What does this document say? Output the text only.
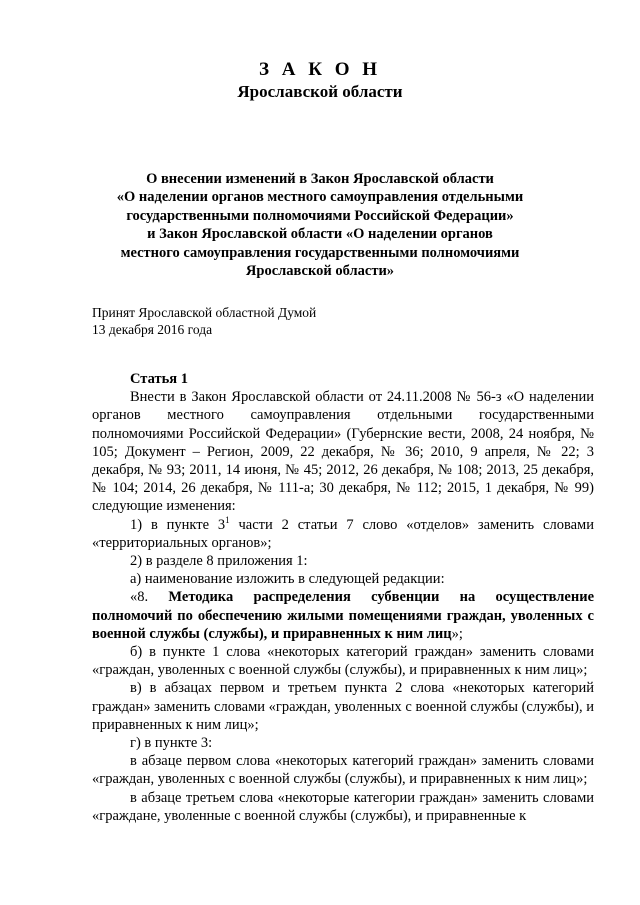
З А К О Н
Ярославской области
О внесении изменений в Закон Ярославской области
«О наделении органов местного самоуправления отдельными
государственными полномочиями Российской Федерации»
и Закон Ярославской области «О наделении органов
местного самоуправления государственными полномочиями
Ярославской области»
Принят Ярославской областной Думой
13 декабря 2016 года

Статья 1

Внести в Закон Ярославской области от 24.11.2008 № 56-з «О наделении органов местного самоуправления отдельными государственными полномочиями Российской Федерации» (Губернские вести, 2008, 24 ноября, № 105; Документ – Регион, 2009, 22 декабря, № 36; 2010, 9 апреля, № 22; 3 декабря, № 93; 2011, 14 июня, № 45; 2012, 26 декабря, № 108; 2013, 25 декабря, № 104; 2014, 26 декабря, № 111-а; 30 декабря, № 112; 2015, 1 декабря, № 99) следующие изменения:

1) в пункте $3^1$ части 2 статьи 7 слово «отделов» заменить словами «территориальных органов»;

2) в разделе 8 приложения 1:

а) наименование изложить в следующей редакции:

«8. Методика распределения субвенции на осуществление полномочий по обеспечению жилыми помещениями граждан, уволенных с военной службы (службы), и приравненных к ним лиц»;

б) в пункте 1 слова «некоторых категорий граждан» заменить словами «граждан, уволенных с военной службы (службы), и приравненных к ним лиц»;

в) в абзацах первом и третьем пункта 2 слова «некоторых категорий граждан» заменить словами «граждан, уволенных с военной службы (службы), и приравненных к ним лиц»;

г) в пункте 3:

в абзаце первом слова «некоторых категорий граждан» заменить словами «граждан, уволенных с военной службы (службы), и приравненных к ним лиц»;

в абзаце третьем слова «некоторые категории граждан» заменить словами «граждане, уволенные с военной службы (службы), и приравненные к
